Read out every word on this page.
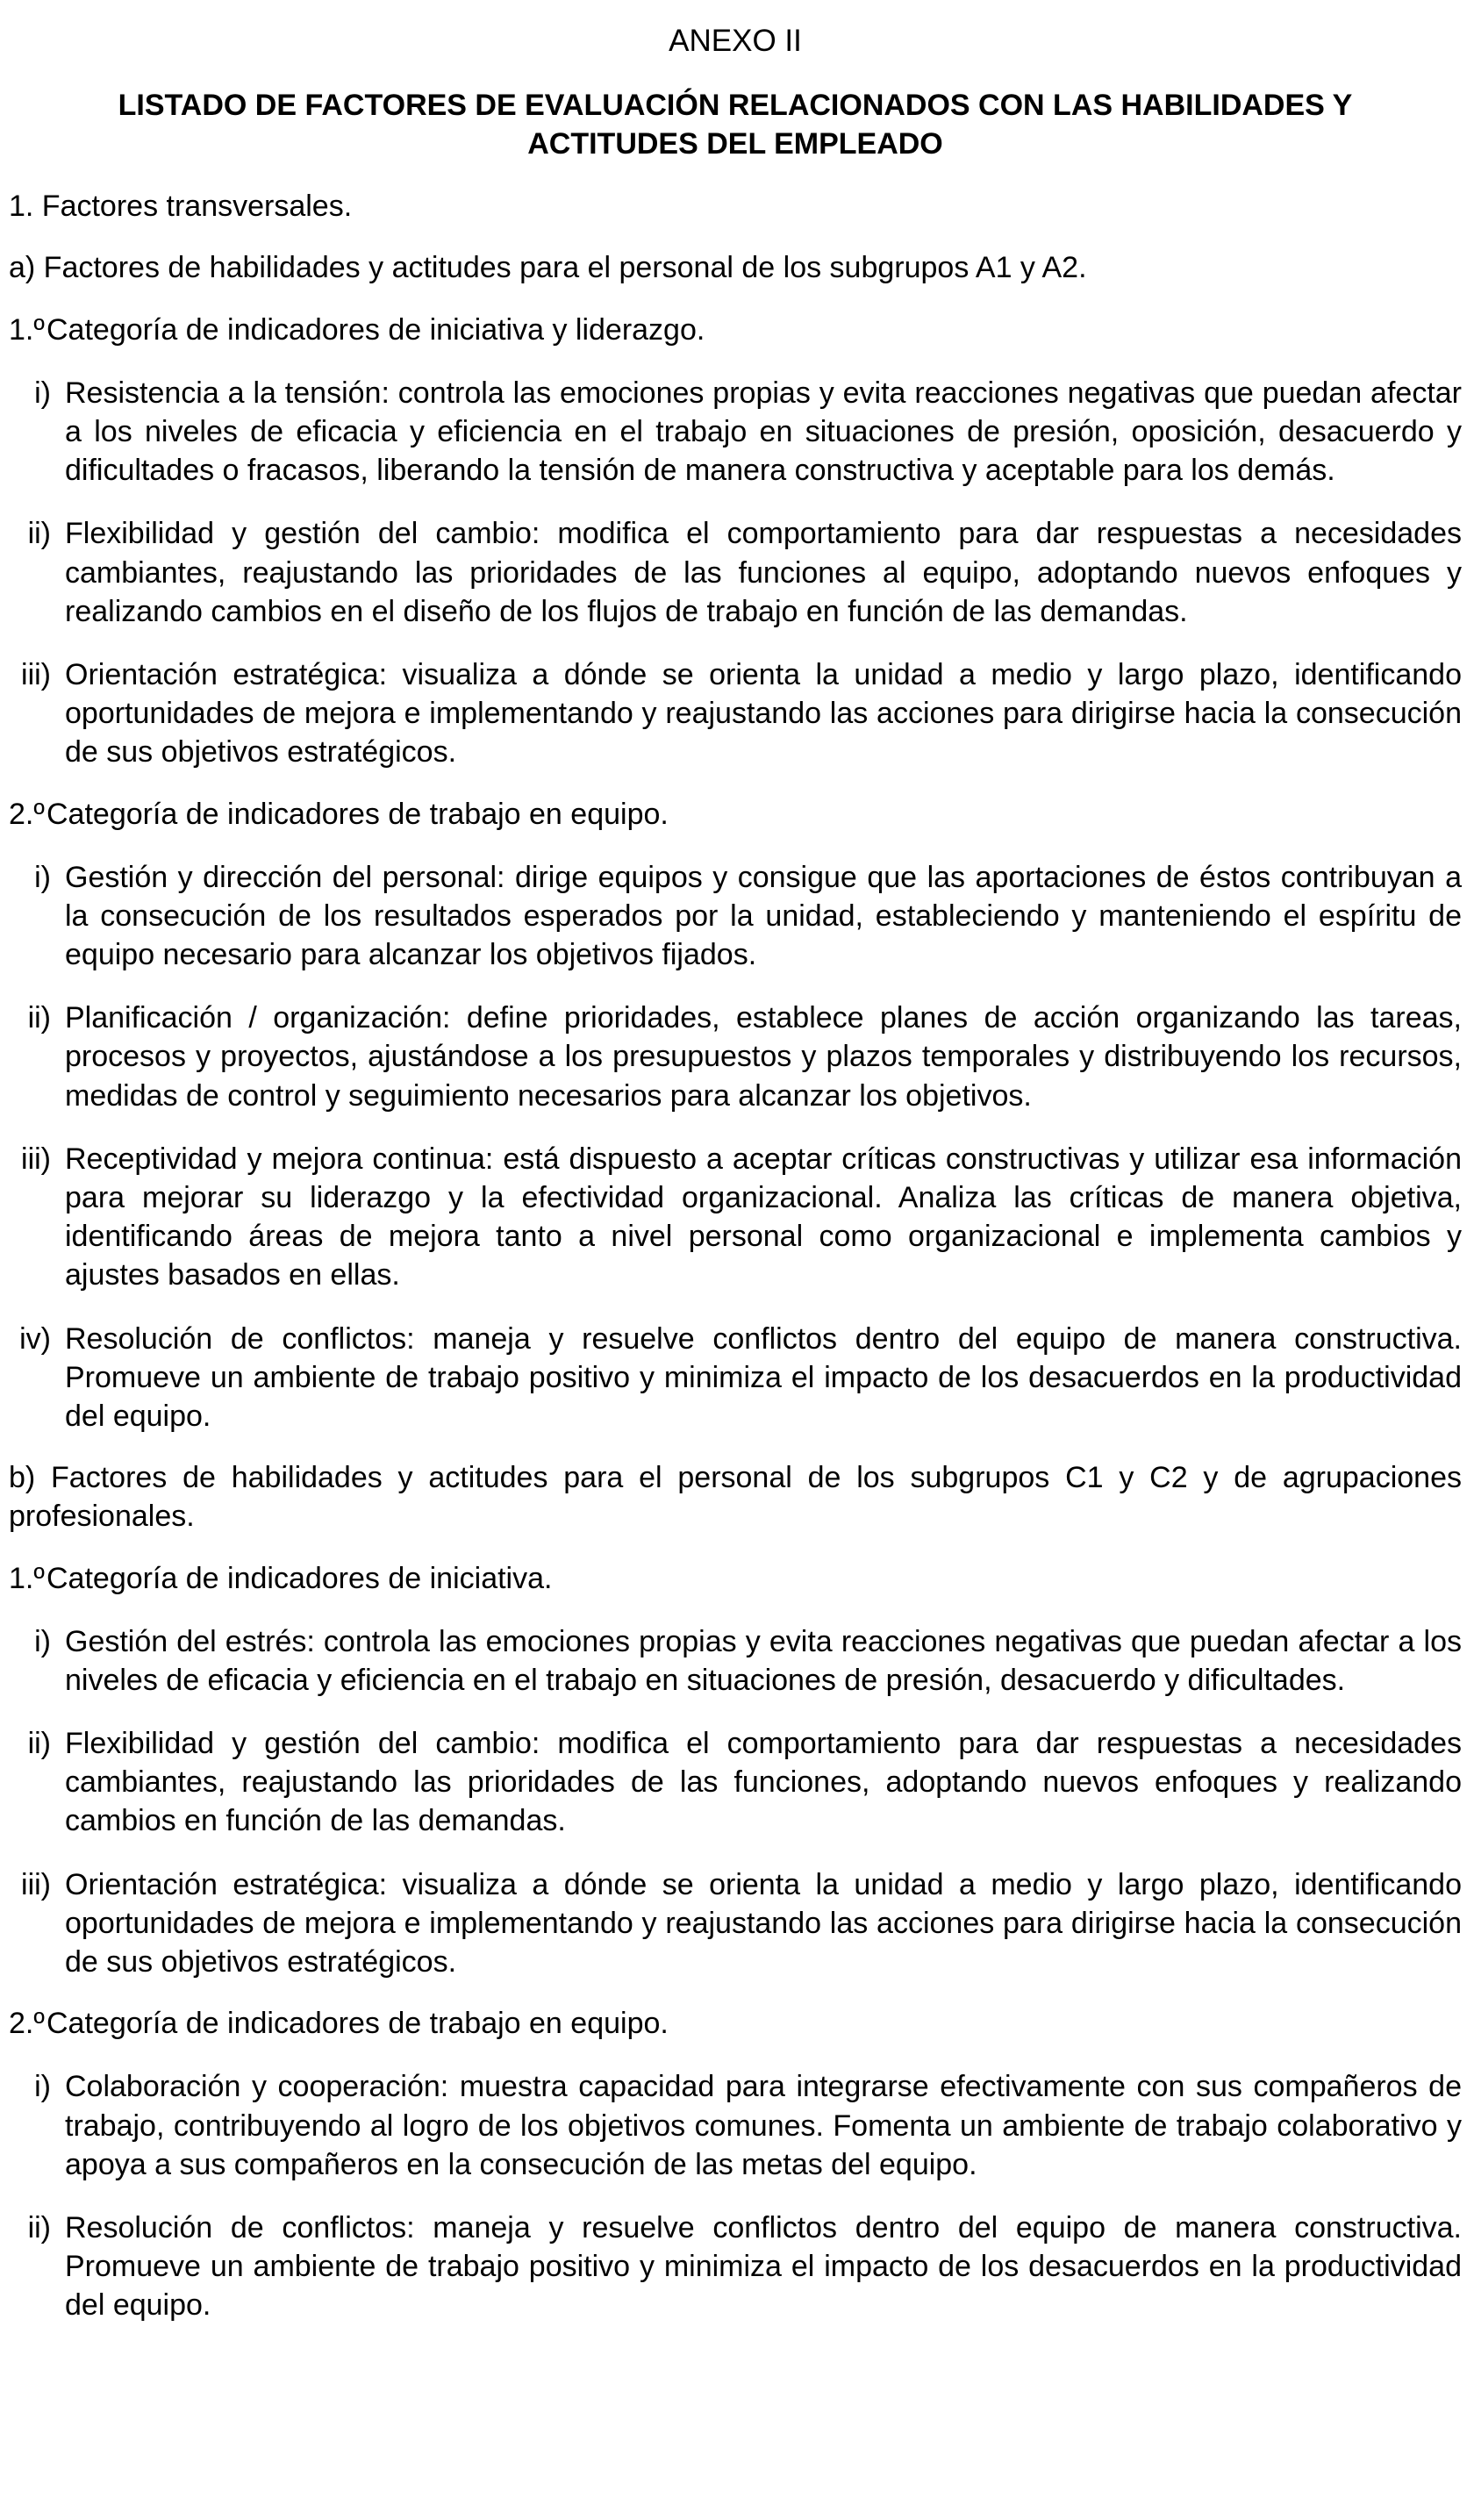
ANEXO II
LISTADO DE FACTORES DE EVALUACIÓN RELACIONADOS CON LAS HABILIDADES Y ACTITUDES DEL EMPLEADO
1. Factores transversales.
a) Factores de habilidades y actitudes para el personal de los subgrupos A1 y A2.
1.ºCategoría de indicadores de iniciativa y liderazgo.
i) Resistencia a la tensión: controla las emociones propias y evita reacciones negativas que puedan afectar a los niveles de eficacia y eficiencia en el trabajo en situaciones de presión, oposición, desacuerdo y dificultades o fracasos, liberando la tensión de manera constructiva y aceptable para los demás.
ii) Flexibilidad y gestión del cambio: modifica el comportamiento para dar respuestas a necesidades cambiantes, reajustando las prioridades de las funciones al equipo, adoptando nuevos enfoques y realizando cambios en el diseño de los flujos de trabajo en función de las demandas.
iii) Orientación estratégica: visualiza a dónde se orienta la unidad a medio y largo plazo, identificando oportunidades de mejora e implementando y reajustando las acciones para dirigirse hacia la consecución de sus objetivos estratégicos.
2.ºCategoría de indicadores de trabajo en equipo.
i) Gestión y dirección del personal: dirige equipos y consigue que las aportaciones de éstos contribuyan a la consecución de los resultados esperados por la unidad, estableciendo y manteniendo el espíritu de equipo necesario para alcanzar los objetivos fijados.
ii) Planificación / organización: define prioridades, establece planes de acción organizando las tareas, procesos y proyectos, ajustándose a los presupuestos y plazos temporales y distribuyendo los recursos, medidas de control y seguimiento necesarios para alcanzar los objetivos.
iii) Receptividad y mejora continua: está dispuesto a aceptar críticas constructivas y utilizar esa información para mejorar su liderazgo y la efectividad organizacional. Analiza las críticas de manera objetiva, identificando áreas de mejora tanto a nivel personal como organizacional e implementa cambios y ajustes basados en ellas.
iv) Resolución de conflictos: maneja y resuelve conflictos dentro del equipo de manera constructiva. Promueve un ambiente de trabajo positivo y minimiza el impacto de los desacuerdos en la productividad del equipo.
b) Factores de habilidades y actitudes para el personal de los subgrupos C1 y C2 y de agrupaciones profesionales.
1.ºCategoría de indicadores de iniciativa.
i) Gestión del estrés: controla las emociones propias y evita reacciones negativas que puedan afectar a los niveles de eficacia y eficiencia en el trabajo en situaciones de presión, desacuerdo y dificultades.
ii) Flexibilidad y gestión del cambio: modifica el comportamiento para dar respuestas a necesidades cambiantes, reajustando las prioridades de las funciones, adoptando nuevos enfoques y realizando cambios en función de las demandas.
iii) Orientación estratégica: visualiza a dónde se orienta la unidad a medio y largo plazo, identificando oportunidades de mejora e implementando y reajustando las acciones para dirigirse hacia la consecución de sus objetivos estratégicos.
2.ºCategoría de indicadores de trabajo en equipo.
i) Colaboración y cooperación: muestra capacidad para integrarse efectivamente con sus compañeros de trabajo, contribuyendo al logro de los objetivos comunes. Fomenta un ambiente de trabajo colaborativo y apoya a sus compañeros en la consecución de las metas del equipo.
ii) Resolución de conflictos: maneja y resuelve conflictos dentro del equipo de manera constructiva. Promueve un ambiente de trabajo positivo y minimiza el impacto de los desacuerdos en la productividad del equipo.
